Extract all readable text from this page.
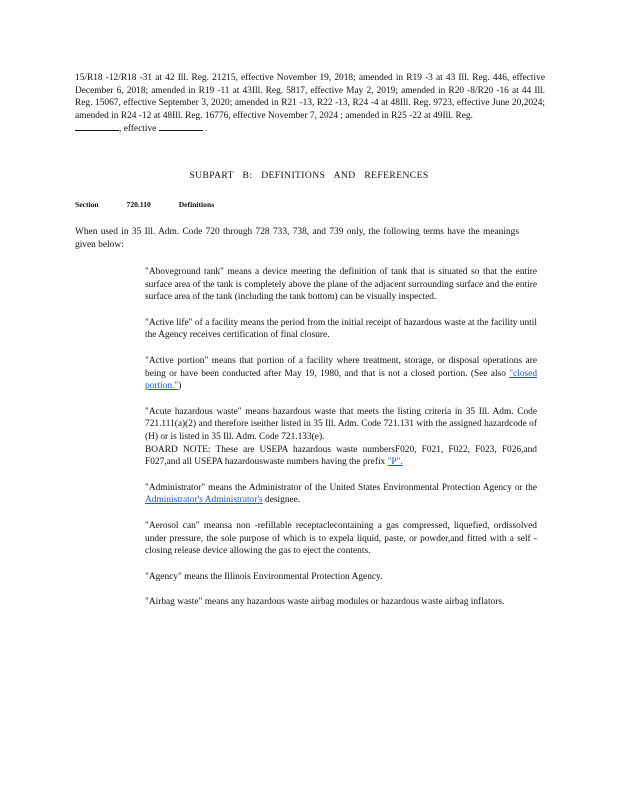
15/R18 -12/R18 -31 at 42 Ill. Reg. 21215, effective November 19, 2018; amended in R19 -3 at 43 Ill. Reg. 446, effective December 6, 2018; amended in R19 -11 at 43Ill. Reg. 5817, effective May 2, 2019; amended in R20 -8/R20 -16 at 44 Ill. Reg. 15067, effective September 3, 2020; amended in R21 -13, R22 -13, R24 -4 at 48Ill. Reg. 9723, effective June 20,2024; amended in R24 -12 at 48Ill. Reg. 16776, effective November 7, 2024 ; amended in R25 -22 at 49Ill. Reg.
, effective	.
SUBPART B: DEFINITIONS AND REFERENCES
Section	720.110	Definitions
When used in 35 Ill. Adm. Code 720 through 728 733, 738, and 739 only, the following terms have the meanings given below:

"Aboveground tank" means a device meeting the definition of tank that is situated so that the entire surface area of the tank is completely above the plane of the adjacent surrounding surface and the entire surface area of the tank (including the tank bottom) can be visually inspected.

"Active life" of a facility means the period from the initial receipt of hazardous waste at the facility until the Agency receives certification of final closure.

"Active portion" means that portion of a facility where treatment, storage, or disposal operations are being or have been conducted after May 19, 1980, and that is not a closed portion. (See also "closed portion.")

"Acute hazardous waste" means hazardous waste that meets the listing criteria in 35 Ill. Adm. Code 721.111(a)(2) and therefore iseither listed in 35 Ill. Adm. Code 721.131 with the assigned hazardcode of (H) or is listed in 35 Ill. Adm. Code 721.133(e).
BOARD NOTE: These are USEPA hazardous waste numbersF020, F021, F022, F023, F026,and F027,and all USEPA hazardouswaste numbers having the prefix "P".

"Administrator" means the Administrator of the United States Environmental Protection Agency or the Administrator's Administrator's designee.

"Aerosol can" meansa non -refillable receptaclecontaining a gas compressed, liquefied, ordissolved under pressure, the sole purpose of which is to expela liquid, paste, or powder,and fitted with a self -closing release device allowing the gas to eject the contents.

"Agency" means the Illinois Environmental Protection Agency.

"Airbag waste" means any hazardous waste airbag modules or hazardous waste airbag inflators.
